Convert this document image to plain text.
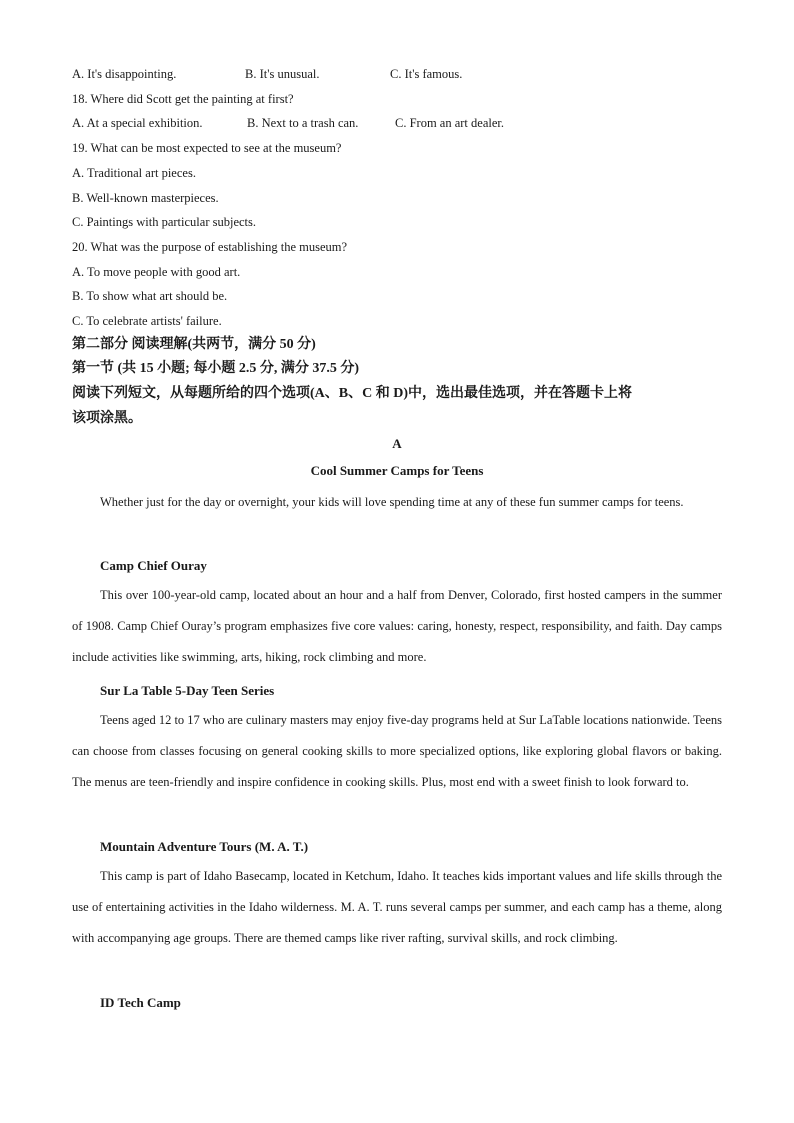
A. It's disappointing.	B. It's unusual.	C. It's famous.
18. Where did Scott get the painting at first?
A. At a special exhibition.	B. Next to a trash can.	C. From an art dealer.
19. What can be most expected to see at the museum?
A. Traditional art pieces.
B. Well-known masterpieces.
C. Paintings with particular subjects.
20. What was the purpose of establishing the museum?
A. To move people with good art.
B. To show what art should be.
C. To celebrate artists' failure.
第二部分 阅读理解(共两节，满分 50 分)
第一节 (共 15 小题; 每小题 2.5 分, 满分 37.5 分)
阅读下列短文，从每题所给的四个选项(A、B、C 和 D)中，选出最佳选项，并在答题卡上将
该项涂黑。
A
Cool Summer Camps for Teens
Whether just for the day or overnight, your kids will love spending time at any of these fun summer camps for teens.
Camp Chief Ouray
This over 100-year-old camp, located about an hour and a half from Denver, Colorado, first hosted campers in the summer of 1908. Camp Chief Ouray’s program emphasizes five core values: caring, honesty, respect, responsibility, and faith. Day camps include activities like swimming, arts, hiking, rock climbing and more.
Sur La Table 5-Day Teen Series
Teens aged 12 to 17 who are culinary masters may enjoy five-day programs held at Sur LaTable locations nationwide. Teens can choose from classes focusing on general cooking skills to more specialized options, like exploring global flavors or baking. The menus are teen-friendly and inspire confidence in cooking skills. Plus, most end with a sweet finish to look forward to.
Mountain Adventure Tours (M. A. T.)
This camp is part of Idaho Basecamp, located in Ketchum, Idaho. It teaches kids important values and life skills through the use of entertaining activities in the Idaho wilderness. M. A. T. runs several camps per summer, and each camp has a theme, along with accompanying age groups. There are themed camps like river rafting, survival skills, and rock climbing.
ID Tech Camp
